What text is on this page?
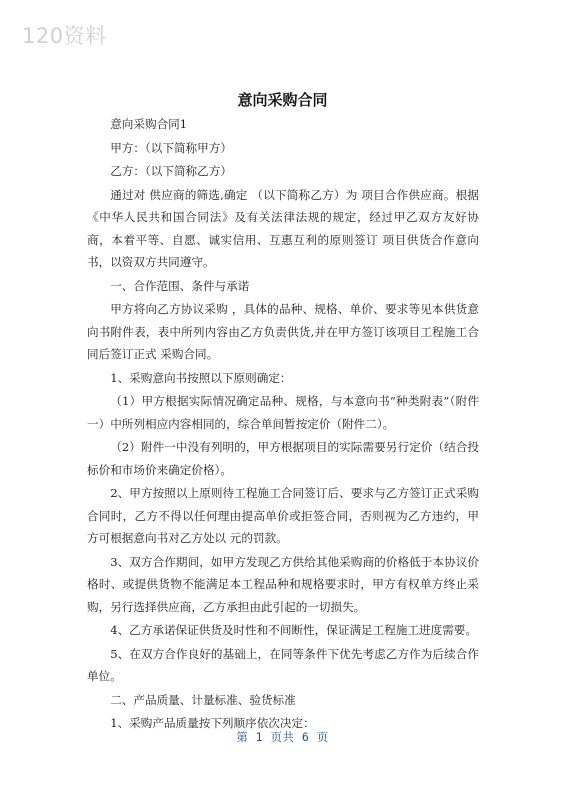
120资料
意向采购合同

意向采购合同1

甲方：（以下简称甲方）

乙方：（以下简称乙方）

通过对 供应商的筛选,确定 （以下简称乙方）为 项目合作供应商。根据《中华人民共和国合同法》及有关法律法规的规定，经过甲乙双方友好协商，本着平等、自愿、诚实信用、互惠互利的原则签订 项目供货合作意向书，以资双方共同遵守。

一、合作范围、条件与承诺

甲方将向乙方协议采购 ，具体的品种、规格、单价、要求等见本供货意向书附件表，表中所列内容由乙方负责供货,并在甲方签订该项目工程施工合同后签订正式 采购合同。

1、采购意向书按照以下原则确定：

（1）甲方根据实际情况确定品种、规格，与本意向书“种类附表”（附件一）中所列相应内容相同的，综合单间暂按定价（附件二）。

（2）附件一中没有列明的，甲方根据项目的实际需要另行定价（结合投标价和市场价来确定价格）。

2、甲方按照以上原则待工程施工合同签订后、要求与乙方签订正式采购合同时，乙方不得以任何理由提高单价或拒签合同，否则视为乙方违约，甲方可根据意向书对乙方处以 元的罚款。

3、双方合作期间，如甲方发现乙方供给其他采购商的价格低于本协议价格时、或提供货物不能满足本工程品种和规格要求时，甲方有权单方终止采购，另行选择供应商，乙方承担由此引起的一切损失。

4、乙方承诺保证供货及时性和不间断性，保证满足工程施工进度需要。

5、在双方合作良好的基础上，在同等条件下优先考虑乙方作为后续合作单位。

二、产品质量、计量标准、验货标准

1、采购产品质量按下列顺序依次决定：

第 1 页共 6 页
